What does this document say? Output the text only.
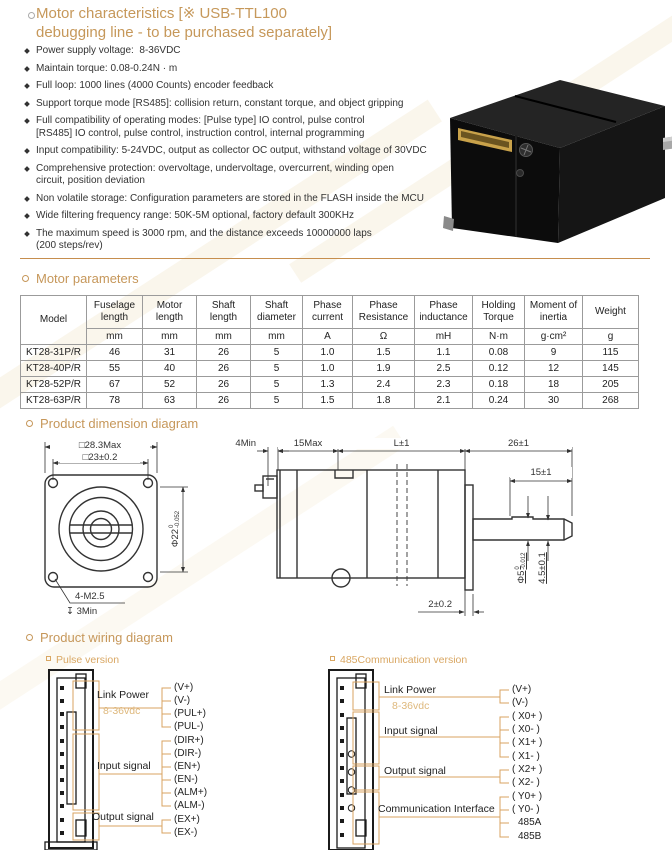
Motor characteristics [※ USB-TTL100
debugging line - to be purchased separately]
Power supply voltage:  8-36VDC
Maintain torque: 0.08-0.24N · m
Full loop: 1000 lines (4000 Counts) encoder feedback
Support torque mode [RS485]: collision return, constant torque, and object gripping
Full compatibility of operating modes: [Pulse type] IO control, pulse control
[RS485] IO control, pulse control, instruction control, internal programming
Input compatibility: 5-24VDC, output as collector OC output, withstand voltage of 30VDC
Comprehensive protection: overvoltage, undervoltage, overcurrent, winding open
circuit, position deviation
Non volatile storage: Configuration parameters are stored in the FLASH inside the MCU
Wide filtering frequency range: 50K-5M optional, factory default 300KHz
The maximum speed is 3000 rpm, and the distance exceeds 10000000 laps
(200 steps/rev)
Motor parameters
Model	Fuselage length	Motor length	Shaft length	Shaft diameter	Phase current	Phase Resistance	Phase inductance	Holding Torque	Moment of inertia	Weight
	mm	mm	mm	mm	A	Ω	mH	N·m	g·cm²	g
KT28-31P/R	46	31	26	5	1.0	1.5	1.1	0.08	9	115
KT28-40P/R	55	40	26	5	1.0	1.9	2.5	0.12	12	145
KT28-52P/R	67	52	26	5	1.3	2.4	2.3	0.18	18	205
KT28-63P/R	78	63	26	5	1.5	1.8	2.1	0.24	30	268
Product dimension diagram
□28.3Max
□23±0.2
Φ22
0 -0.052
4-M2.5
↧ 3Min
4Min	15Max	L±1	26±1
15±1
Φ5
0 -0.012 4.5±0.1
2±0.2
Product wiring diagram
Pulse version	485Communication version
Link Power
8-36vdc
Input signal
Output signal
(V+)
(V-)
(PUL+)
(PUL-)
(DIR+)
(DIR-)
(EN+)
(EN-)
(ALM+)
(ALM-)
(EX+)
(EX-)
Link Power
8-36vdc
Input signal
Output signal
Communication Interface
(V+)
(V-)
( X0+ )
( X0- )
( X1+ )
( X1- )
( X2+ )
( X2- )
( Y0+ )
( Y0- )
485A
485B
